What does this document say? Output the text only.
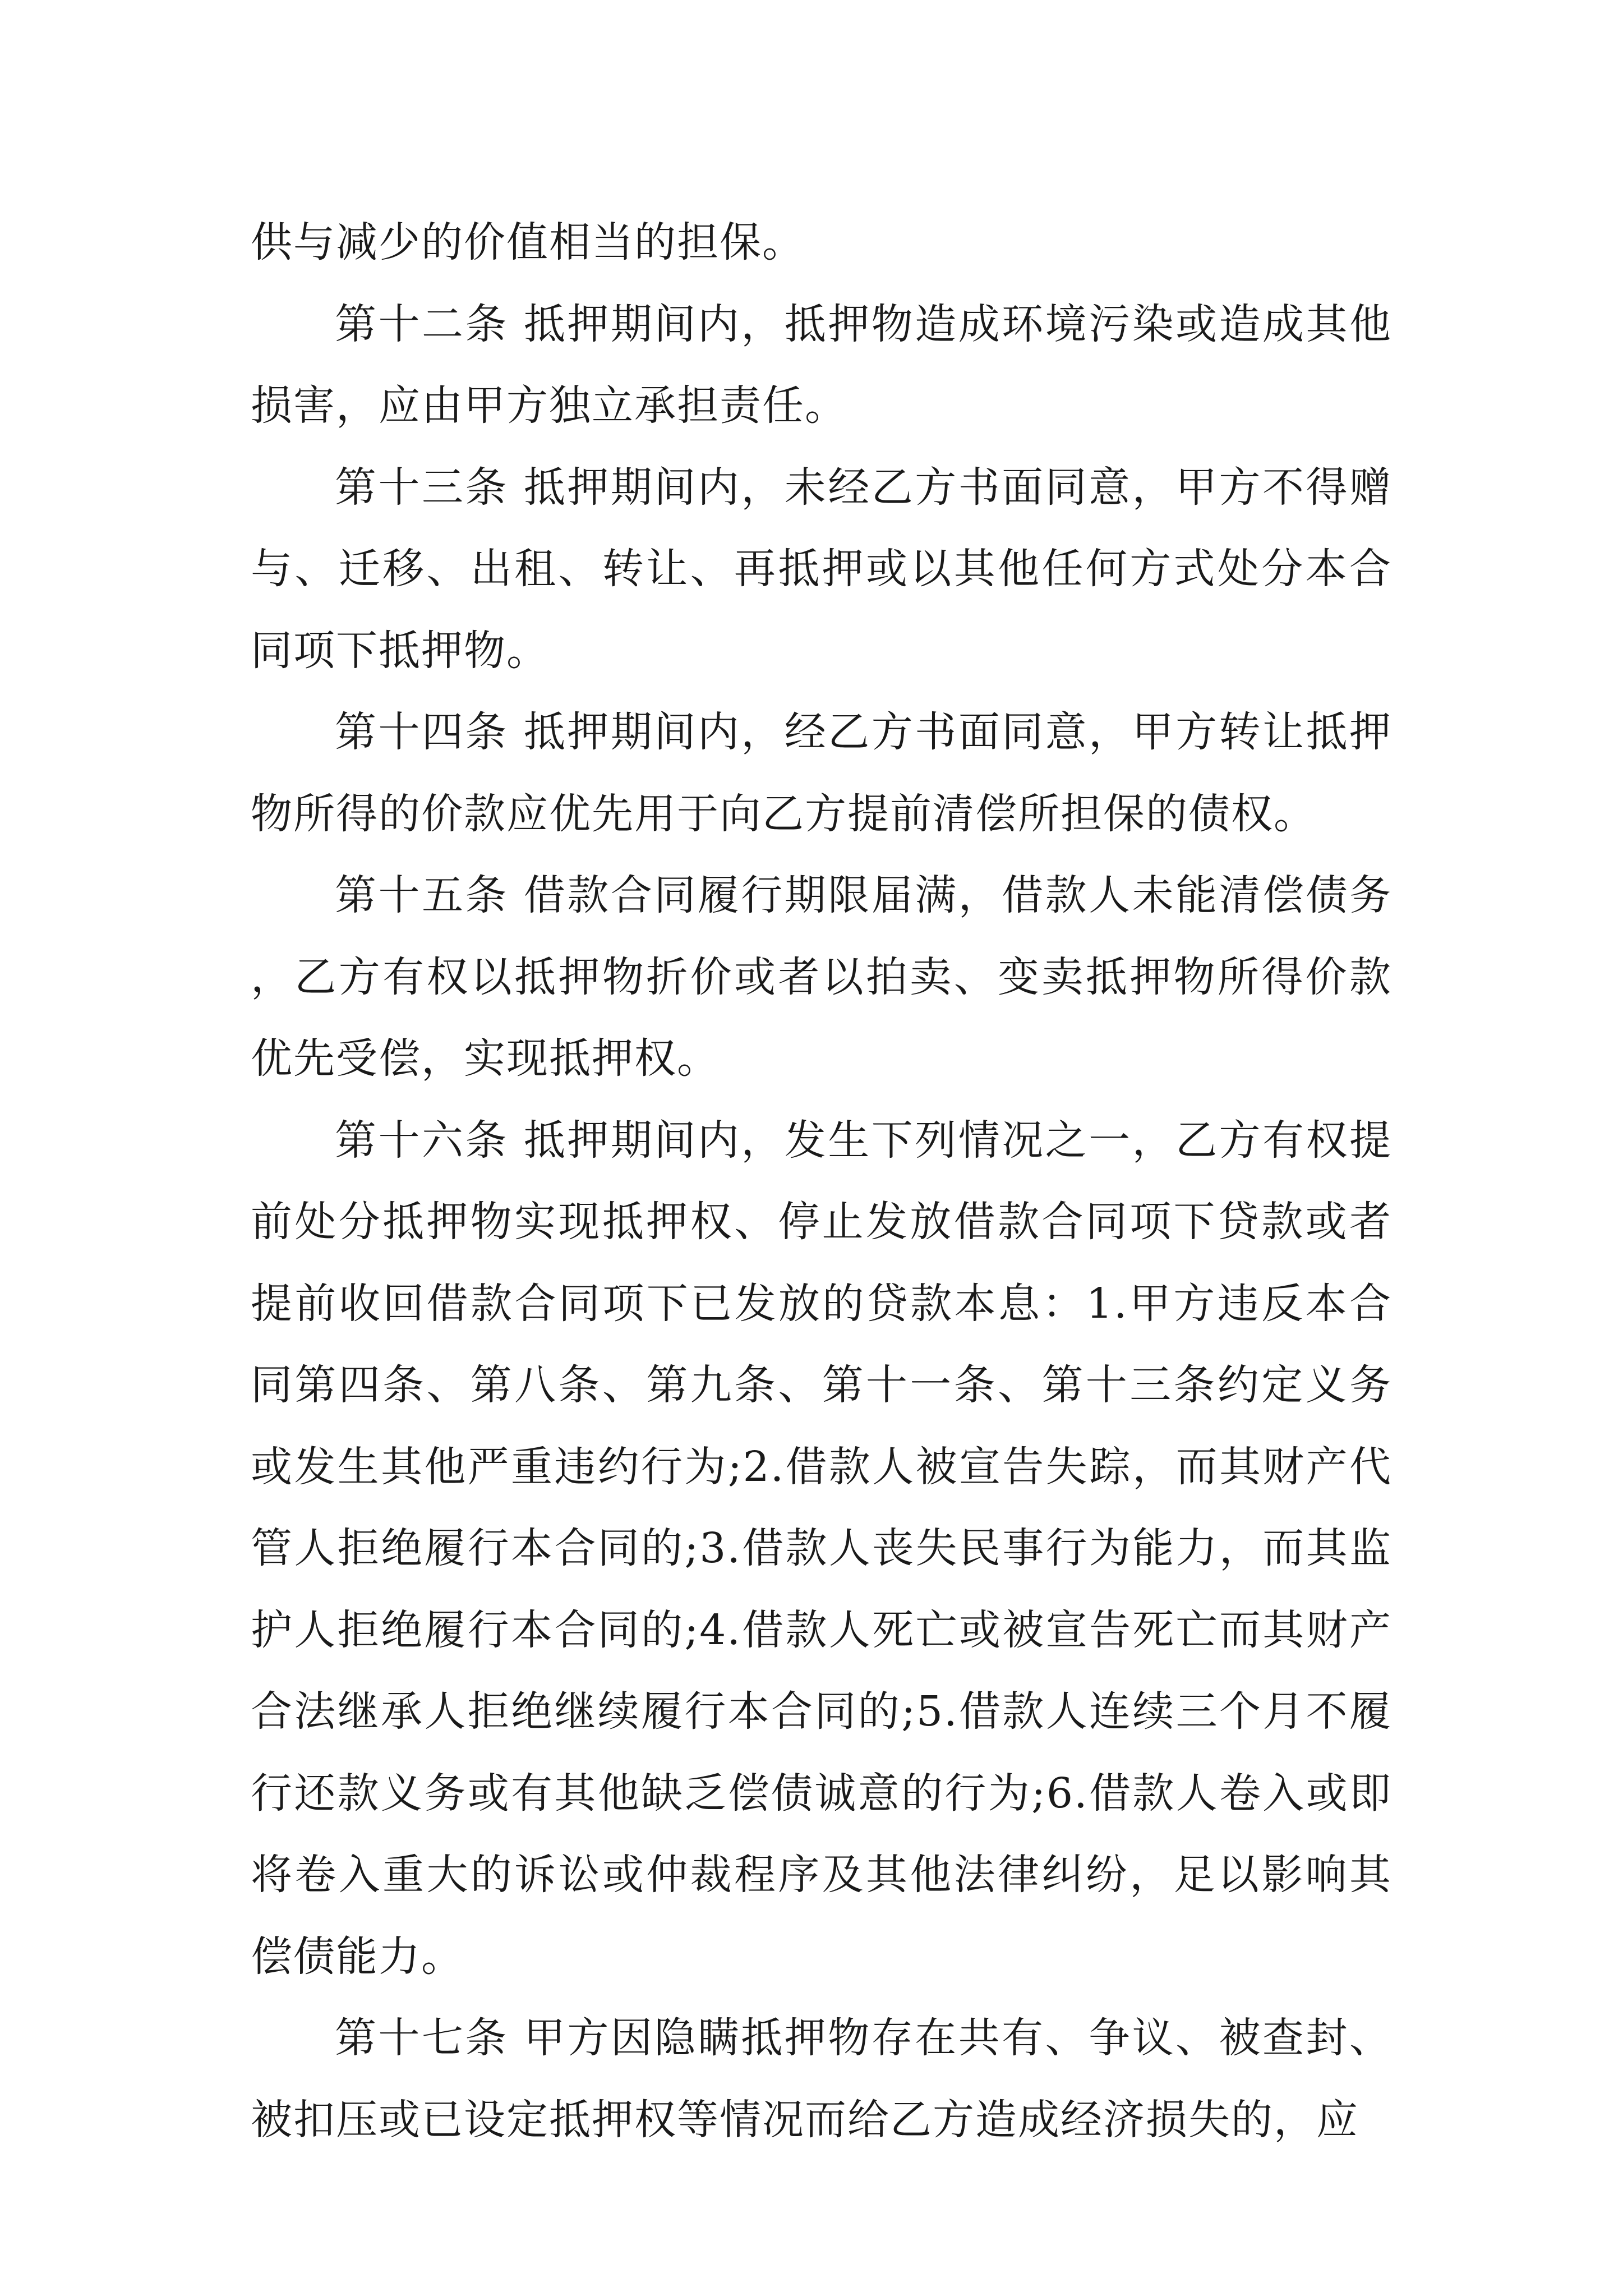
供与减少的价值相当的担保。

第十二条 抵押期间内，抵押物造成环境污染或造成其他损害，应由甲方独立承担责任。

第十三条 抵押期间内，未经乙方书面同意，甲方不得赠与、迁移、出租、转让、再抵押或以其他任何方式处分本合同项下抵押物。

第十四条 抵押期间内，经乙方书面同意，甲方转让抵押物所得的价款应优先用于向乙方提前清偿所担保的债权。

第十五条 借款合同履行期限届满，借款人未能清偿债务，乙方有权以抵押物折价或者以拍卖、变卖抵押物所得价款优先受偿，实现抵押权。

第十六条 抵押期间内，发生下列情况之一，乙方有权提前处分抵押物实现抵押权、停止发放借款合同项下贷款或者提前收回借款合同项下已发放的贷款本息：1.甲方违反本合同第四条、第八条、第九条、第十一条、第十三条约定义务或发生其他严重违约行为;2.借款人被宣告失踪，而其财产代管人拒绝履行本合同的;3.借款人丧失民事行为能力，而其监护人拒绝履行本合同的;4.借款人死亡或被宣告死亡而其财产合法继承人拒绝继续履行本合同的;5.借款人连续三个月不履行还款义务或有其他缺乏偿债诚意的行为;6.借款人卷入或即将卷入重大的诉讼或仲裁程序及其他法律纠纷，足以影响其偿债能力。

第十七条 甲方因隐瞒抵押物存在共有、争议、被查封、被扣压或已设定抵押权等情况而给乙方造成经济损失的，应
